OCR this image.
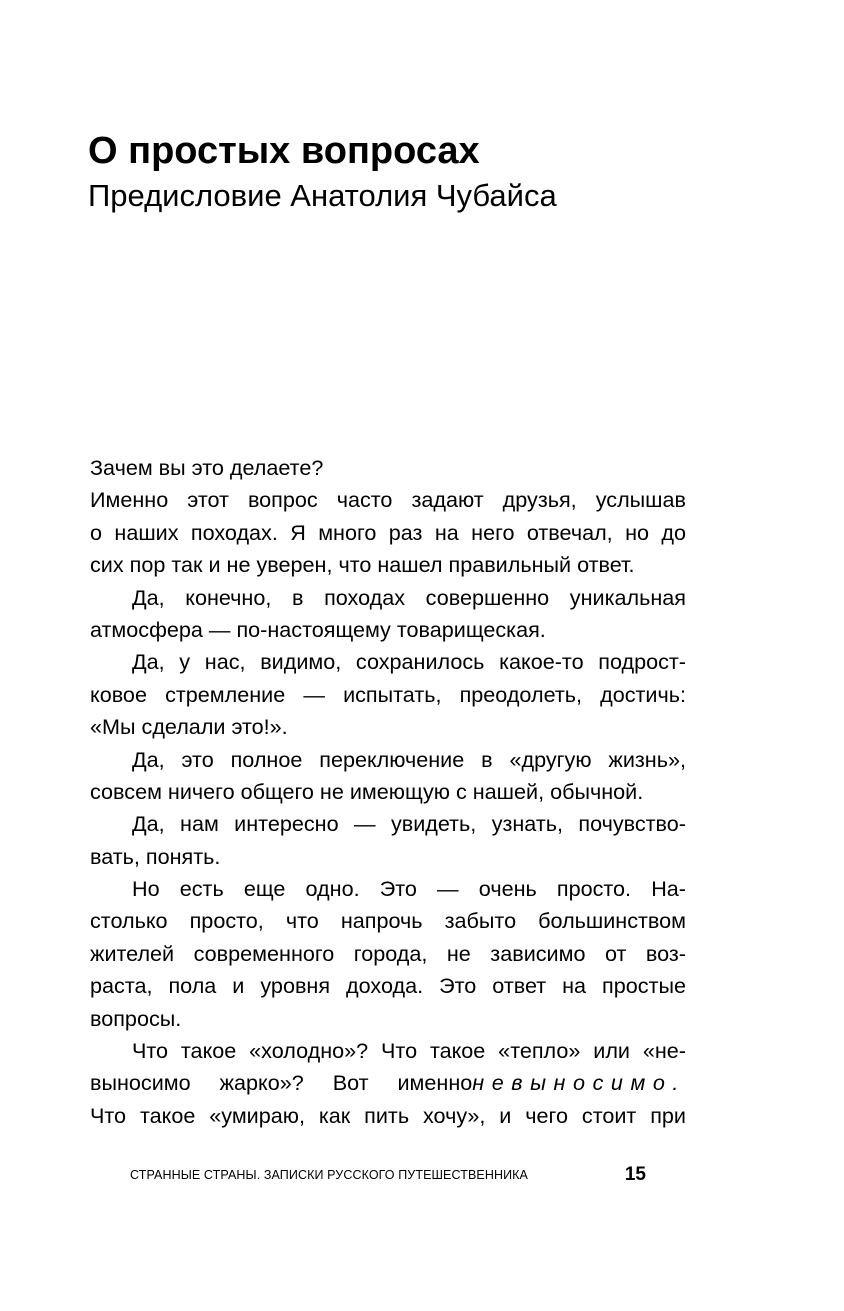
О простых вопросах
Предисловие Анатолия Чубайса
Зачем вы это делаете?
Именно этот вопрос часто задают друзья, услышав
о наших походах. Я много раз на него отвечал, но до
сих пор так и не уверен, что нашел правильный ответ.
Да, конечно, в походах совершенно уникальная
атмосфера — по-настоящему товарищеская.
Да, у нас, видимо, сохранилось какое-то подрост-
ковое стремление — испытать, преодолеть, достичь:
«Мы сделали это!».
Да, это полное переключение в «другую жизнь»,
совсем ничего общего не имеющую с нашей, обычной.
Да, нам интересно — увидеть, узнать, почувство-
вать, понять.
Но есть еще одно. Это — очень просто. На-
столько просто, что напрочь забыто большинством
жителей современного города, не зависимо от воз-
раста, пола и уровня дохода. Это ответ на простые
вопросы.
Что такое «холодно»? Что такое «тепло» или «не-
выносимо жарко»? Вот именноневыносимо.
Что такое «умираю, как пить хочу», и чего стоит при
СТРАННЫЕ СТРАНЫ. ЗАПИСКИ РУССКОГО ПУТЕШЕСТВЕННИКА	15
